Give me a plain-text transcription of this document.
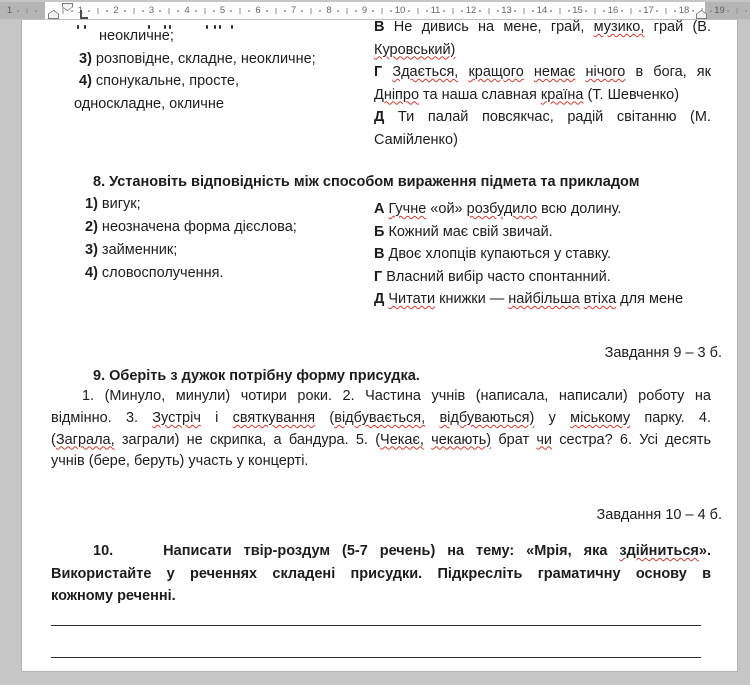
1	1	2	3	4	5	6	7	8	9	10	11	12	13	14	15	16	17	18	19
неокличне;
3) розповідне, складне, неокличне;
4) спонукальне, просте,
односкладне, окличне
В Не дивись на мене, грай, музико, грай (В.
Куровський)
Г Здається, кращого немає нічого в бога, як
Дніпро та наша славная країна (Т. Шевченко)
Д Ти палай повсякчас, радій світанню (М.
Самійленко)
8. Установіть відповідність між способом вираження підмета та прикладом
1) вигук;
2) неозначена форма дієслова;
3) займенник;
4) словосполучення.
А Гучне «ой» розбудило всю долину.
Б Кожний має свій звичай.
В Двоє хлопців купаються у ставку.
Г Власний вибір часто спонтанний.
Д Читати книжки — найбільша втіха для мене
Завдання 9 – 3 б.
9. Оберіть з дужок потрібну форму присудка.
1. (Минуло, минули) чотири роки. 2. Частина учнів (написала, написали) роботу на
відмінно. 3. Зустріч і святкування (відбувається, відбуваються) у міському парку. 4.
(Заграла, заграли) не скрипка, а бандура. 5. (Чекає, чекають) брат чи сестра? 6. Усі десять
учнів (бере, беруть) участь у концерті.
Завдання 10 – 4 б.
10.	Написати твір-роздум (5-7 речень) на тему: «Мрія, яка здійниться».
Використайте у реченнях складені присудки. Підкресліть граматичну основу в
кожному реченні.
